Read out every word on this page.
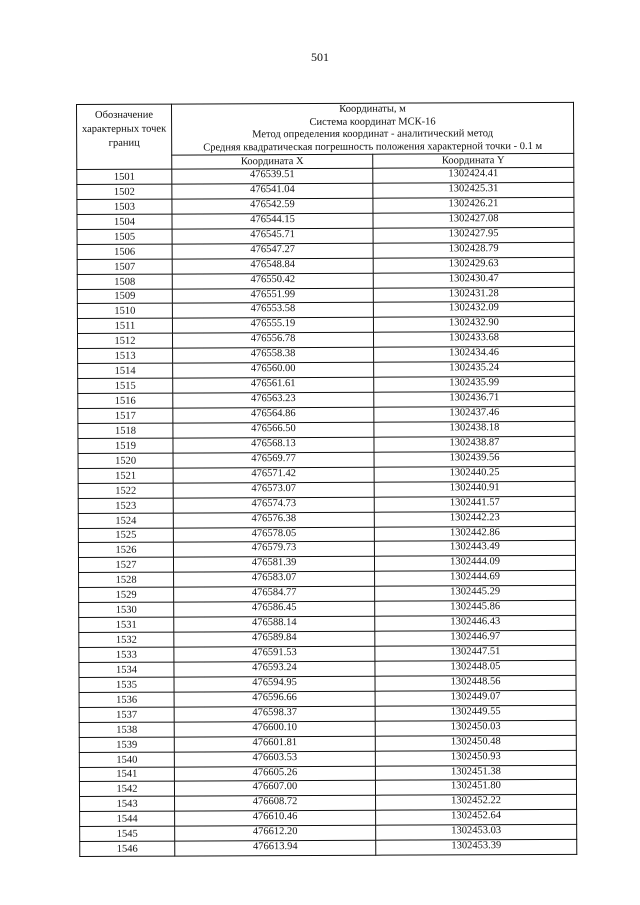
501
Обозначение характерных точек границ	Координаты, м
Система координат МСК-16
Метод определения координат - аналитический метод
Средняя квадратическая погрешность положения характерной точки - 0.1 м	

	Координата X	Координата Y
1501	476539.51	1302424.41
1502	476541.04	1302425.31
1503	476542.59	1302426.21
1504	476544.15	1302427.08
1505	476545.71	1302427.95
1506	476547.27	1302428.79
1507	476548.84	1302429.63
1508	476550.42	1302430.47
1509	476551.99	1302431.28
1510	476553.58	1302432.09
1511	476555.19	1302432.90
1512	476556.78	1302433.68
1513	476558.38	1302434.46
1514	476560.00	1302435.24
1515	476561.61	1302435.99
1516	476563.23	1302436.71
1517	476564.86	1302437.46
1518	476566.50	1302438.18
1519	476568.13	1302438.87
1520	476569.77	1302439.56
1521	476571.42	1302440.25
1522	476573.07	1302440.91
1523	476574.73	1302441.57
1524	476576.38	1302442.23
1525	476578.05	1302442.86
1526	476579.73	1302443.49
1527	476581.39	1302444.09
1528	476583.07	1302444.69
1529	476584.77	1302445.29
1530	476586.45	1302445.86
1531	476588.14	1302446.43
1532	476589.84	1302446.97
1533	476591.53	1302447.51
1534	476593.24	1302448.05
1535	476594.95	1302448.56
1536	476596.66	1302449.07
1537	476598.37	1302449.55
1538	476600.10	1302450.03
1539	476601.81	1302450.48
1540	476603.53	1302450.93
1541	476605.26	1302451.38
1542	476607.00	1302451.80
1543	476608.72	1302452.22
1544	476610.46	1302452.64
1545	476612.20	1302453.03
1546	476613.94	1302453.39
